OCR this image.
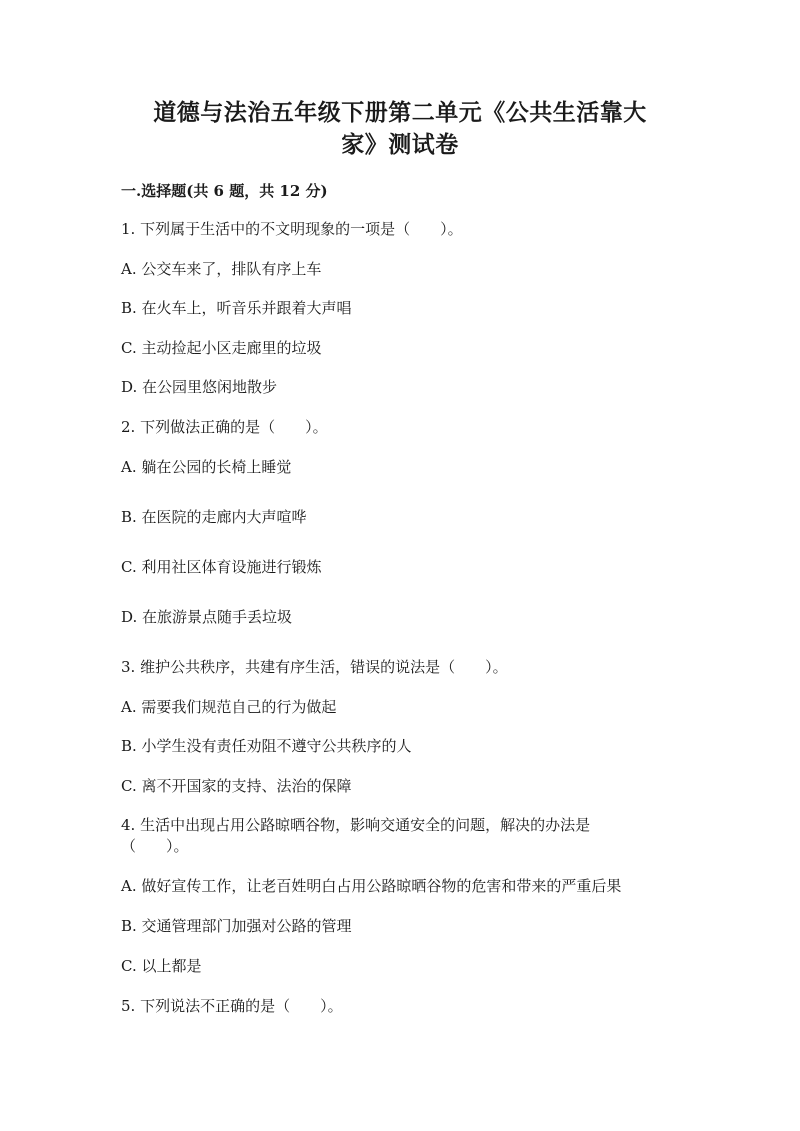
道德与法治五年级下册第二单元《公共生活靠大
家》测试卷
一.选择题(共 6 题，共 12 分)
1. 下列属于生活中的不文明现象的一项是（　　）。
A. 公交车来了，排队有序上车
B. 在火车上，听音乐并跟着大声唱
C. 主动捡起小区走廊里的垃圾
D. 在公园里悠闲地散步
2. 下列做法正确的是（　　）。
A. 躺在公园的长椅上睡觉
B. 在医院的走廊内大声喧哗
C. 利用社区体育设施进行锻炼
D. 在旅游景点随手丢垃圾
3. 维护公共秩序，共建有序生活，错误的说法是（　　）。
A. 需要我们规范自己的行为做起
B. 小学生没有责任劝阻不遵守公共秩序的人
C. 离不开国家的支持、法治的保障
4. 生活中出现占用公路晾晒谷物，影响交通安全的问题，解决的办法是
（　　）。
A. 做好宣传工作，让老百姓明白占用公路晾晒谷物的危害和带来的严重后果
B. 交通管理部门加强对公路的管理
C. 以上都是
5. 下列说法不正确的是（　　）。
